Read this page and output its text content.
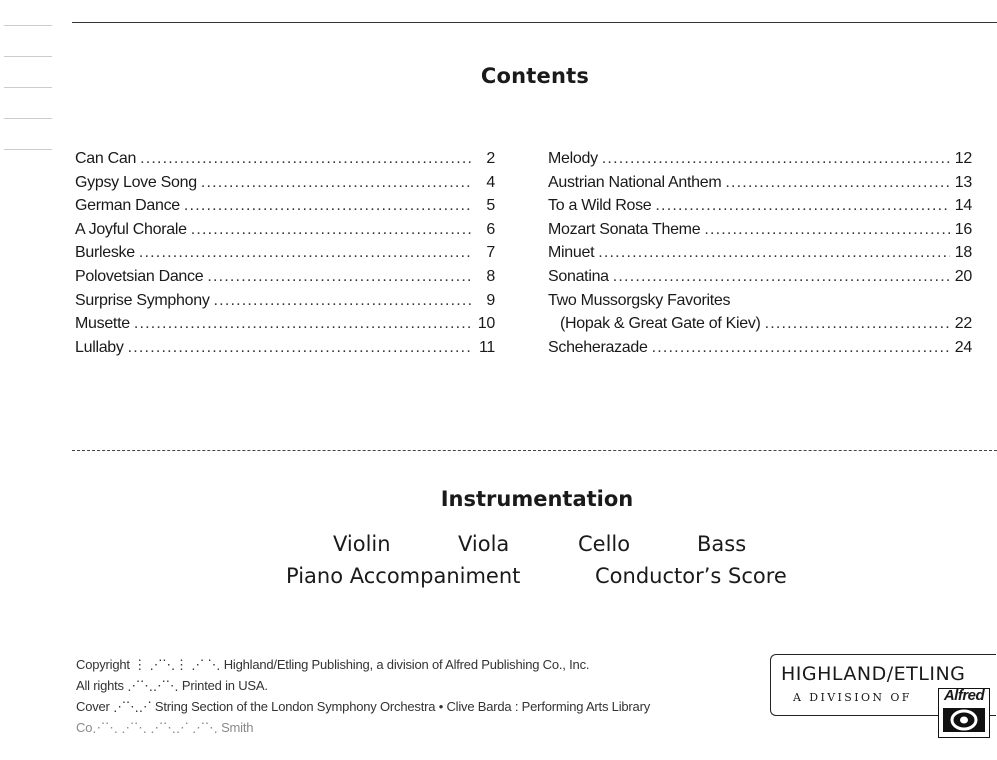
Contents
Can Can .....	2
Gypsy Love Song .....	4
German Dance .....	5
A Joyful Chorale .....	6
Burleske .....	7
Polovetsian Dance .....	8
Surprise Symphony .....	9
Musette .....	10
Lullaby .....	11
Melody .....	12
Austrian National Anthem .....	13
To a Wild Rose .....	14
Mozart Sonata Theme .....	16
Minuet .....	18
Sonatina .....	20
Two Mussorgsky Favorites
(Hopak & Great Gate of Kiev) .....	22
Scheherazade .....	24
Instrumentation
Violin	Viola	Cello	Bass
Piano Accompaniment	Conductor’s Score
Copyright ⋮ ⋰⋱⋮ ⋰ ⋱ Highland/Etling Publishing, a division of Alfred Publishing Co., Inc.
All rights ⋰⋱⋰⋱ Printed in USA.
Cover ⋰⋱⋰ String Section of the London Symphony Orchestra • Clive Barda : Performing Arts Library
Co⋰⋱ ⋰⋱ ⋰⋱⋰ ⋰⋱ Smith
HIGHLAND/ETLING
A DIVISION OF	Alfred
